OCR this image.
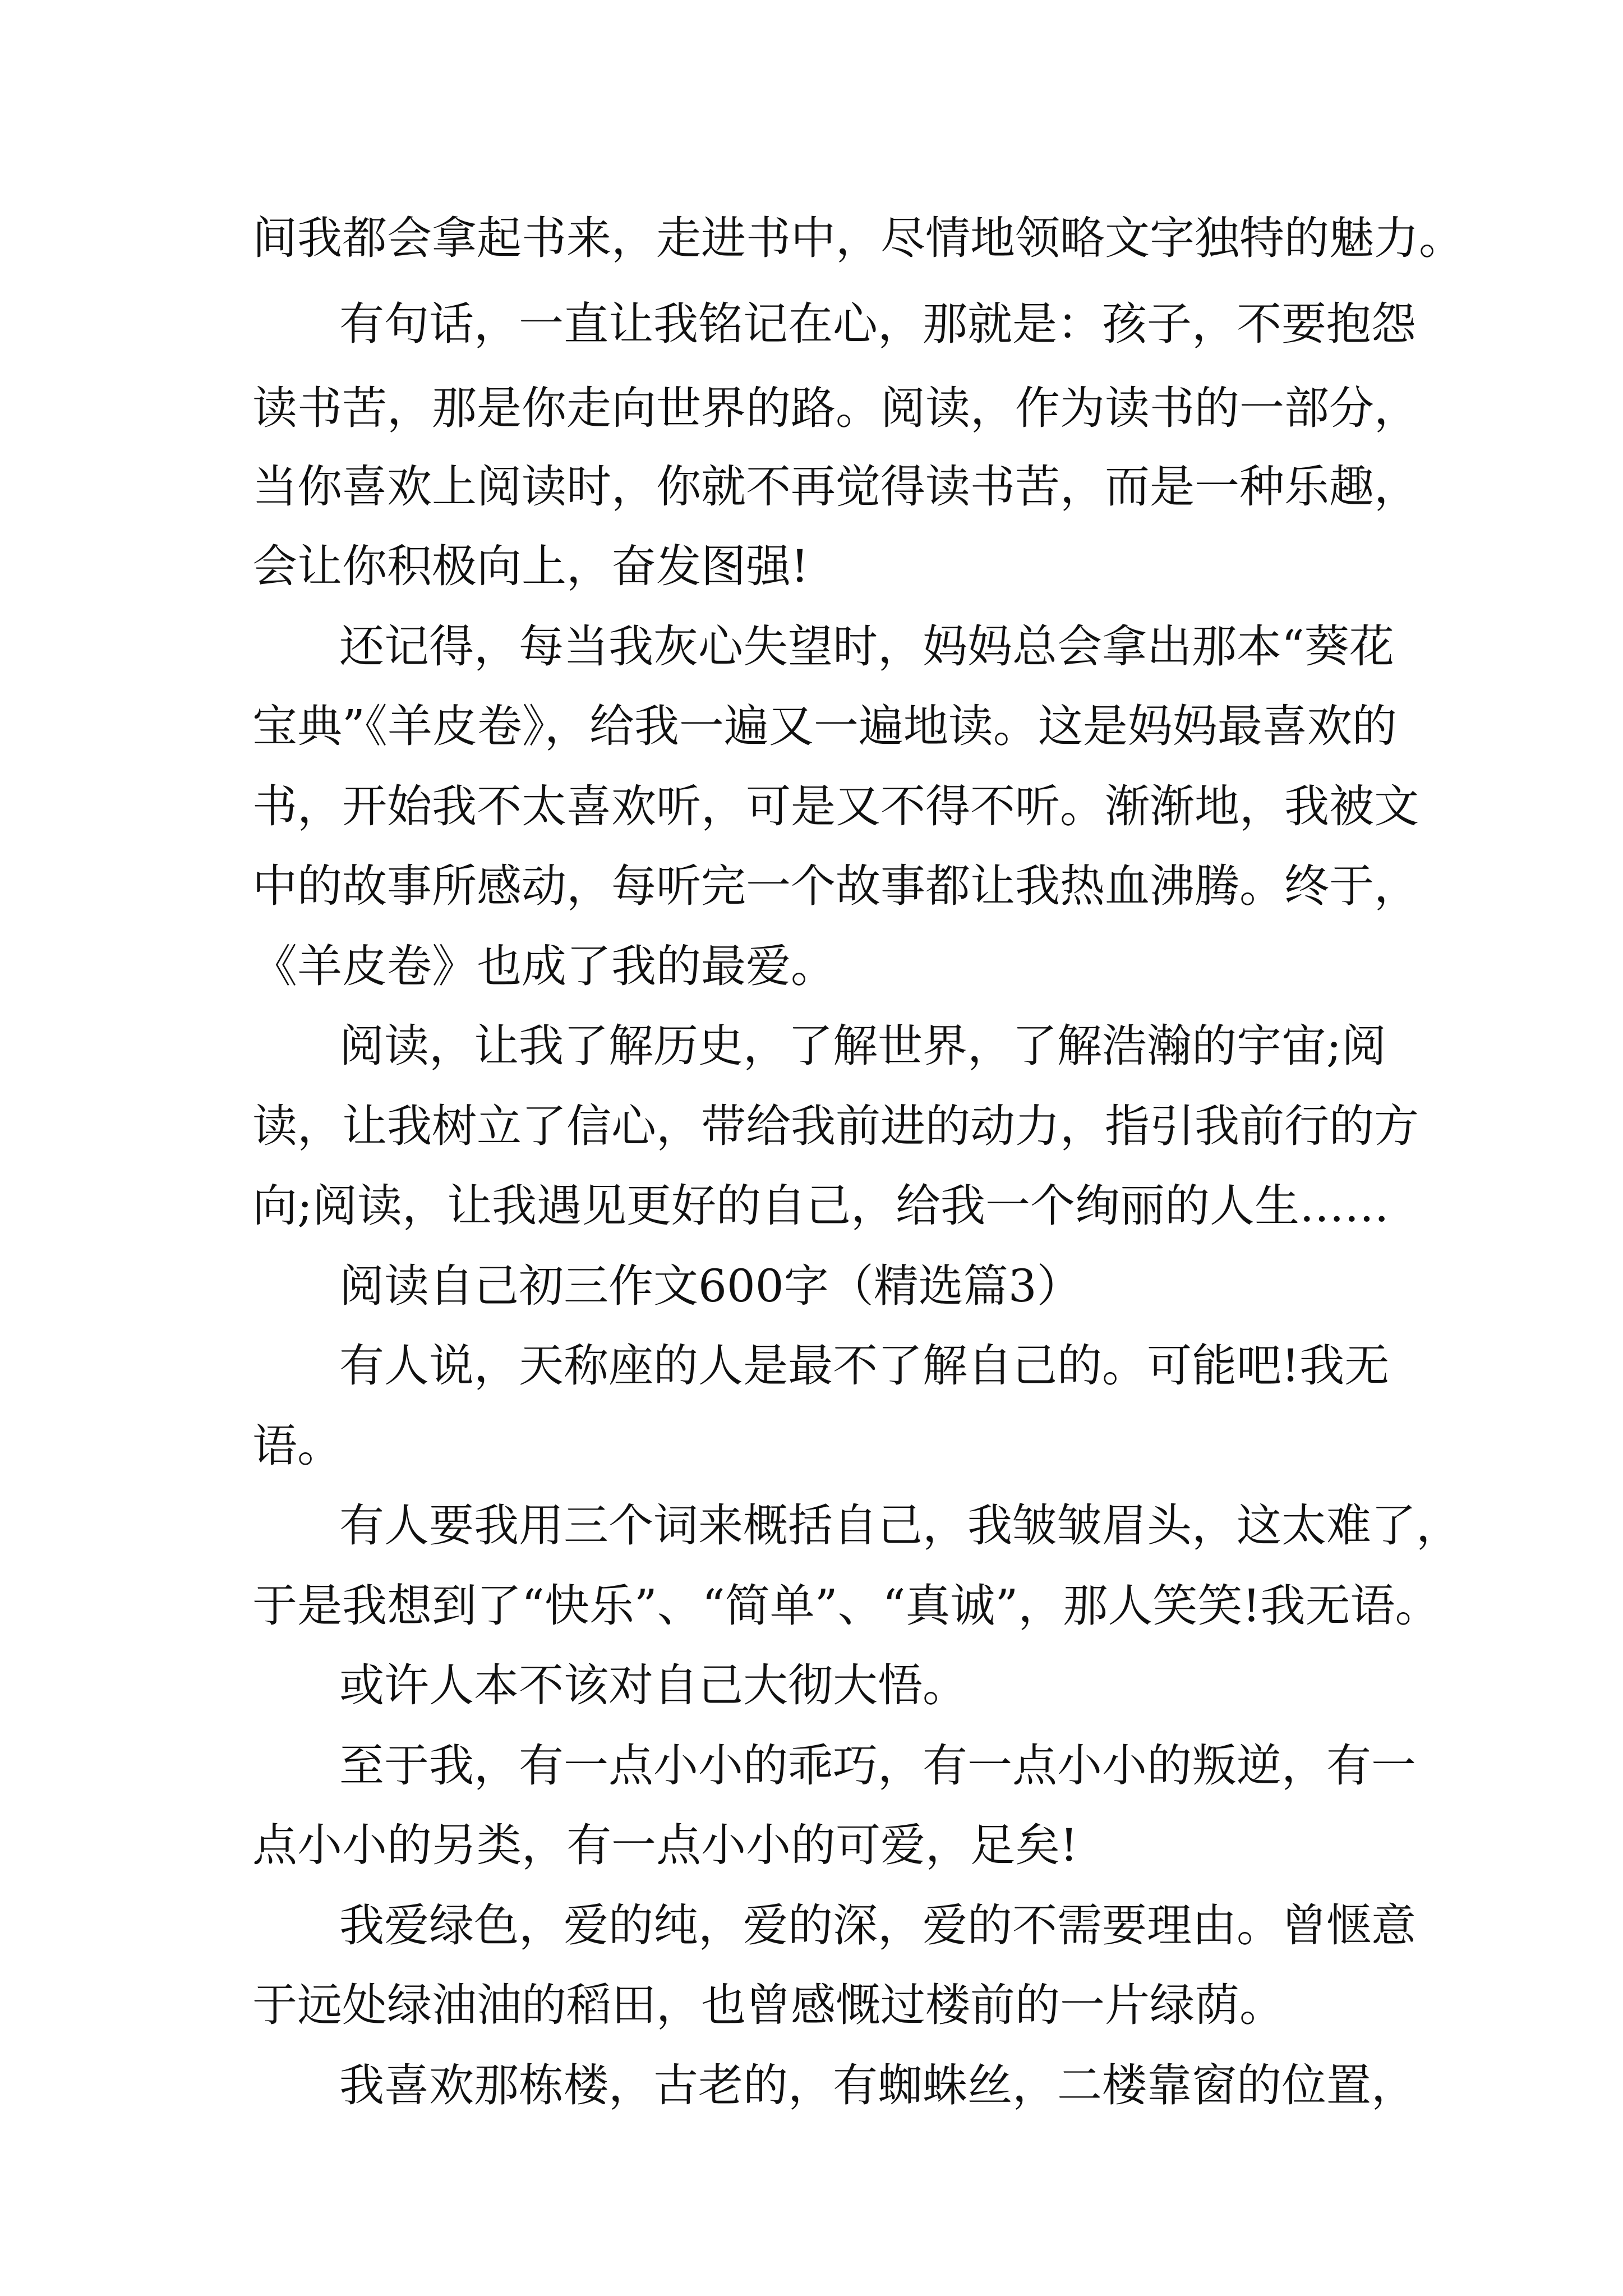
间我都会拿起书来，走进书中，尽情地领略文字独特的魅力。

有句话，一直让我铭记在心，那就是：孩子，不要抱怨

读书苦，那是你走向世界的路。阅读，作为读书的一部分，

当你喜欢上阅读时，你就不再觉得读书苦，而是一种乐趣，

会让你积极向上，奋发图强!

还记得，每当我灰心失望时，妈妈总会拿出那本“葵花

宝典”《羊皮卷》，给我一遍又一遍地读。这是妈妈最喜欢的

书，开始我不太喜欢听，可是又不得不听。渐渐地，我被文

中的故事所感动，每听完一个故事都让我热血沸腾。终于，

《羊皮卷》也成了我的最爱。

阅读，让我了解历史，了解世界，了解浩瀚的宇宙;阅

读，让我树立了信心，带给我前进的动力，指引我前行的方

向;阅读，让我遇见更好的自己，给我一个绚丽的人生……

阅读自己初三作文600字（精选篇3）

有人说，天称座的人是最不了解自己的。可能吧!我无

语。

有人要我用三个词来概括自己，我皱皱眉头，这太难了，

于是我想到了“快乐”、“简单”、“真诚”，那人笑笑!我无语。

或许人本不该对自己大彻大悟。

至于我，有一点小小的乖巧，有一点小小的叛逆，有一

点小小的另类，有一点小小的可爱，足矣!

我爱绿色，爱的纯，爱的深，爱的不需要理由。曾惬意

于远处绿油油的稻田，也曾感慨过楼前的一片绿荫。

我喜欢那栋楼，古老的，有蜘蛛丝，二楼靠窗的位置，
